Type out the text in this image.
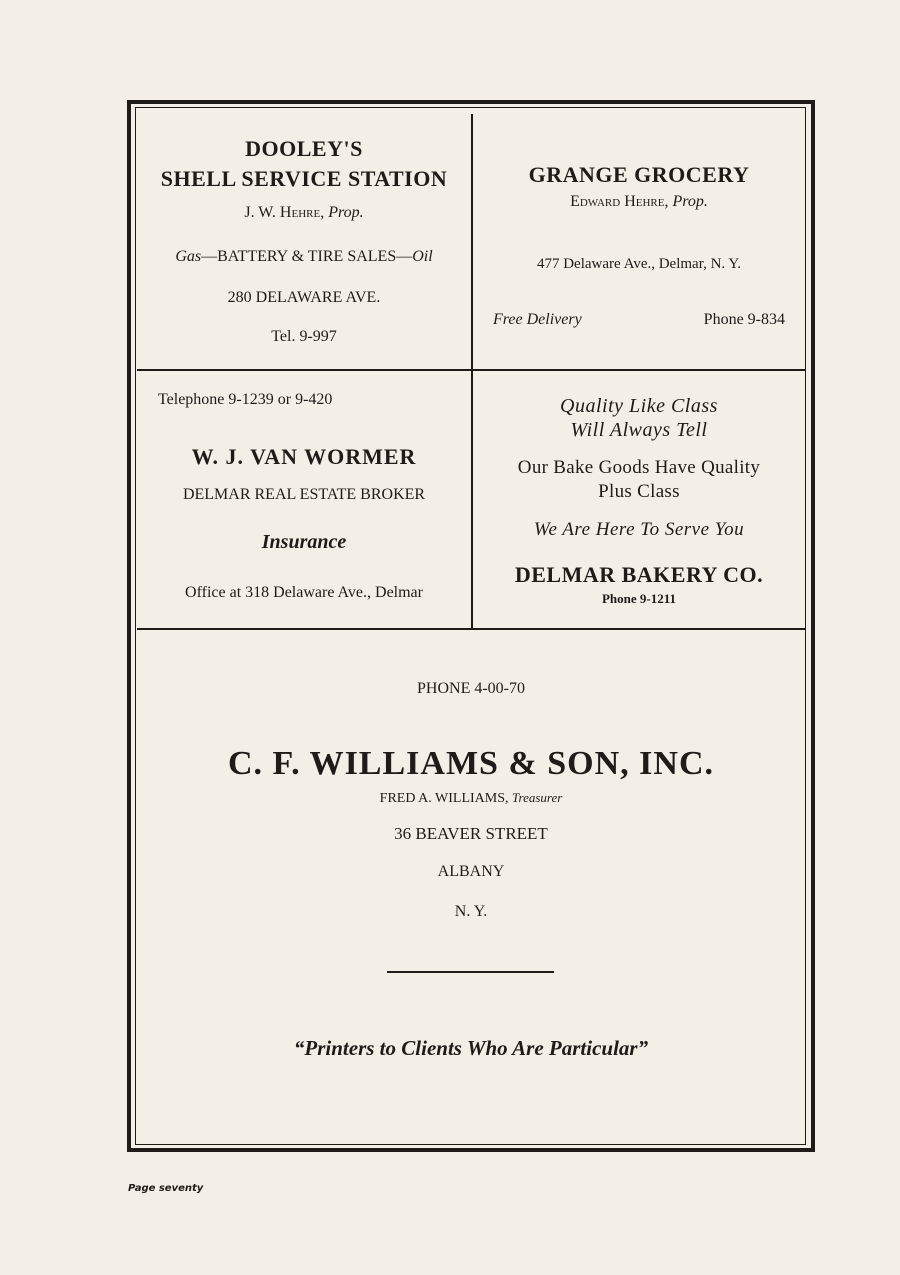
DOOLEY'S
SHELL SERVICE STATION
J. W. Hehre, Prop.
Gas—BATTERY & TIRE SALES—Oil
280 DELAWARE AVE.
Tel. 9-997
GRANGE GROCERY
Edward Hehre, Prop.
477 Delaware Ave., Delmar, N. Y.
Free Delivery	Phone 9-834
Telephone 9-1239 or 9-420
W. J. VAN WORMER
DELMAR REAL ESTATE BROKER
Insurance
Office at 318 Delaware Ave., Delmar
Quality Like Class
Will Always Tell
Our Bake Goods Have Quality
Plus Class
We Are Here To Serve You
DELMAR BAKERY CO.
Phone 9-1211
PHONE 4-00-70
C. F. WILLIAMS & SON, INC.
FRED A. WILLIAMS, Treasurer
36 BEAVER STREET
ALBANY
N. Y.
“Printers to Clients Who Are Particular”
Page seventy
